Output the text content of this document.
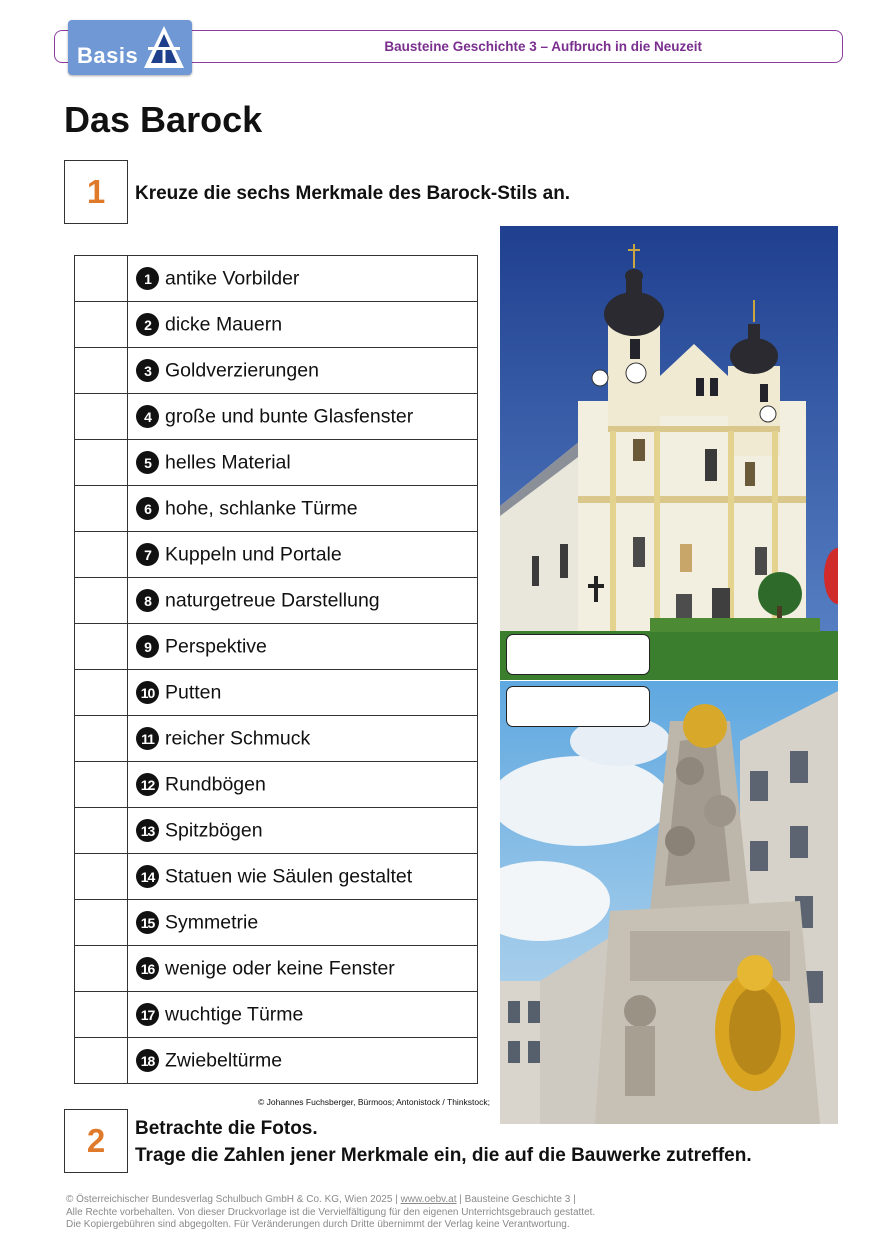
Bausteine Geschichte 3 – Aufbruch in die Neuzeit
Basis
Das Barock
1	Kreuze die sechs Merkmale des Barock-Stils an.
	1 antike Vorbilder
	2 dicke Mauern
	3 Goldverzierungen
	4 große und bunte Glasfenster
	5 helles Material
	6 hohe, schlanke Türme
	7 Kuppeln und Portale
	8 naturgetreue Darstellung
	9 Perspektive
	10 Putten
	11 reicher Schmuck
	12 Rundbögen
	13 Spitzbögen
	14 Statuen wie Säulen gestaltet
	15 Symmetrie
	16 wenige oder keine Fenster
	17 wuchtige Türme
	18 Zwiebeltürme
© Johannes Fuchsberger, Bürmoos; Antonistock / Thinkstock;
2	Betrachte die Fotos.
Trage die Zahlen jener Merkmale ein, die auf die Bauwerke zutreffen.
© Österreichischer Bundesverlag Schulbuch GmbH & Co. KG, Wien 2025 | www.oebv.at | Bausteine Geschichte 3 |
Alle Rechte vorbehalten. Von dieser Druckvorlage ist die Vervielfältigung für den eigenen Unterrichtsgebrauch gestattet.
Die Kopiergebühren sind abgegolten. Für Veränderungen durch Dritte übernimmt der Verlag keine Verantwortung.
